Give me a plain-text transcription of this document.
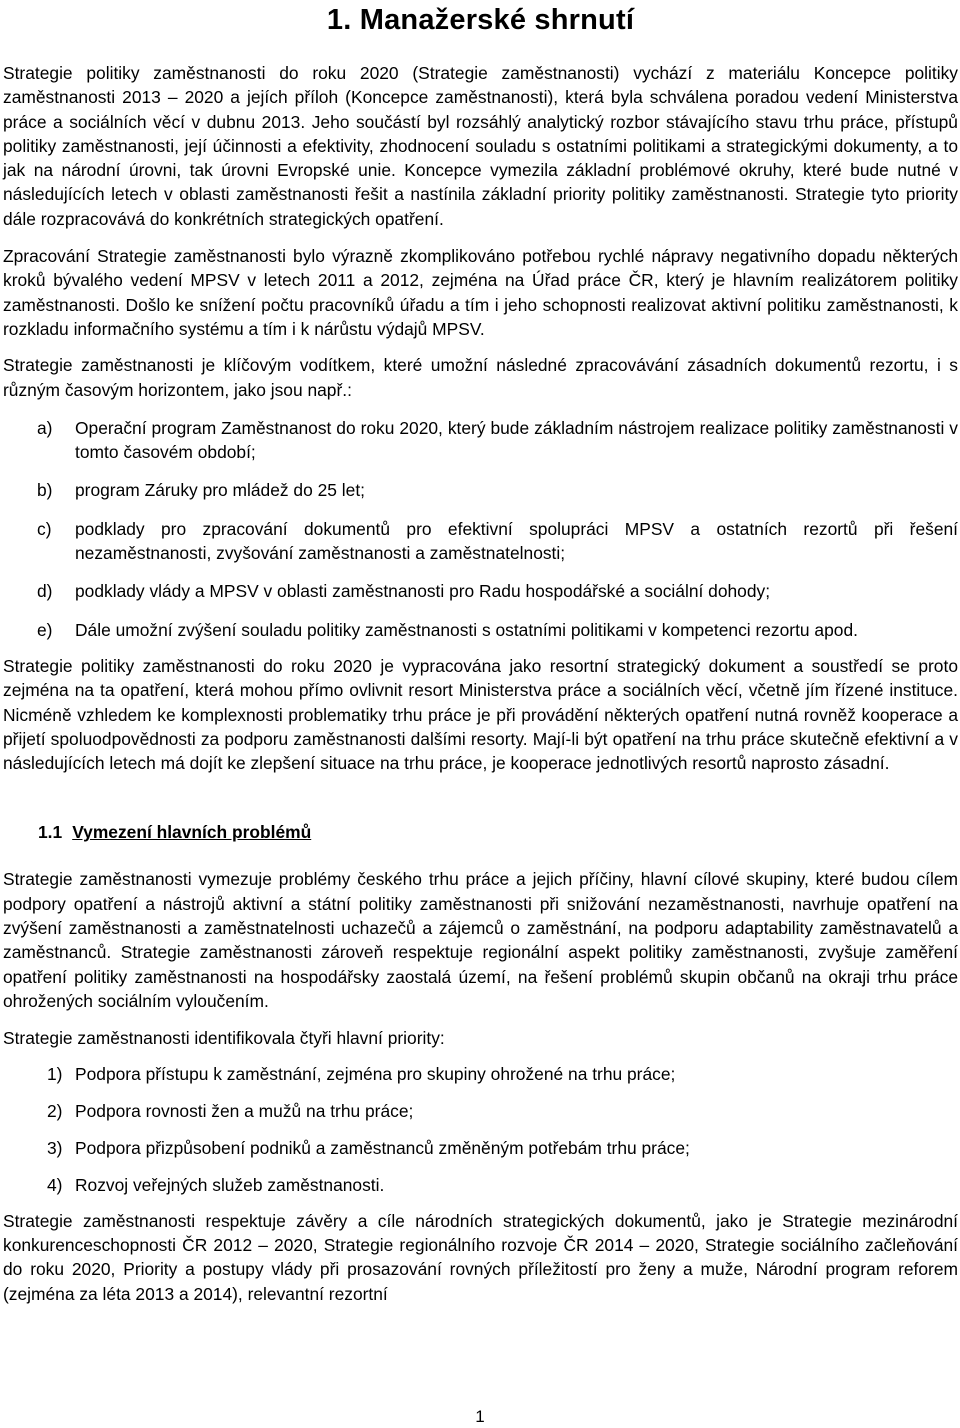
1. Manažerské shrnutí

Strategie politiky zaměstnanosti do roku 2020 (Strategie zaměstnanosti) vychází z materiálu Koncepce politiky zaměstnanosti 2013 – 2020 a jejích příloh (Koncepce zaměstnanosti), která byla schválena poradou vedení Ministerstva práce a sociálních věcí v dubnu 2013. Jeho součástí byl rozsáhlý analytický rozbor stávajícího stavu trhu práce, přístupů politiky zaměstnanosti, její účinnosti a efektivity, zhodnocení souladu s ostatními politikami a strategickými dokumenty, a to jak na národní úrovni, tak úrovni Evropské unie. Koncepce vymezila základní problémové okruhy, které bude nutné v následujících letech v oblasti zaměstnanosti řešit a nastínila základní priority politiky zaměstnanosti. Strategie tyto priority dále rozpracovává do konkrétních strategických opatření.

Zpracování Strategie zaměstnanosti bylo výrazně zkomplikováno potřebou rychlé nápravy negativního dopadu některých kroků bývalého vedení MPSV v letech 2011 a 2012, zejména na Úřad práce ČR, který je hlavním realizátorem politiky zaměstnanosti. Došlo ke snížení počtu pracovníků úřadu a tím i jeho schopnosti realizovat aktivní politiku zaměstnanosti, k rozkladu informačního systému a tím i k nárůstu výdajů MPSV.

Strategie zaměstnanosti je klíčovým vodítkem, které umožní následné zpracovávání zásadních dokumentů rezortu, i s různým časovým horizontem, jako jsou např.:

a) Operační program Zaměstnanost do roku 2020, který bude základním nástrojem realizace politiky zaměstnanosti v tomto časovém období;
b) program Záruky pro mládež do 25 let;
c) podklady pro zpracování dokumentů pro efektivní spolupráci MPSV a ostatních rezortů při řešení nezaměstnanosti, zvyšování zaměstnanosti a zaměstnatelnosti;
d) podklady vlády a MPSV v oblasti zaměstnanosti pro Radu hospodářské a sociální dohody;
e) Dále umožní zvýšení souladu politiky zaměstnanosti s ostatními politikami v kompetenci rezortu apod.

Strategie politiky zaměstnanosti do roku 2020 je vypracována jako resortní strategický dokument a soustředí se proto zejména na ta opatření, která mohou přímo ovlivnit resort Ministerstva práce a sociálních věcí, včetně jím řízené instituce. Nicméně vzhledem ke komplexnosti problematiky trhu práce je při provádění některých opatření nutná rovněž kooperace a přijetí spoluodpovědnosti za podporu zaměstnanosti dalšími resorty. Mají-li být opatření na trhu práce skutečně efektivní a v následujících letech má dojít ke zlepšení situace na trhu práce, je kooperace jednotlivých resortů naprosto zásadní.

1.1 Vymezení hlavních problémů

Strategie zaměstnanosti vymezuje problémy českého trhu práce a jejich příčiny, hlavní cílové skupiny, které budou cílem podpory opatření a nástrojů aktivní a státní politiky zaměstnanosti při snižování nezaměstnanosti, navrhuje opatření na zvýšení zaměstnanosti a zaměstnatelnosti uchazečů a zájemců o zaměstnání, na podporu adaptability zaměstnavatelů a zaměstnanců. Strategie zaměstnanosti zároveň respektuje regionální aspekt politiky zaměstnanosti, zvyšuje zaměření opatření politiky zaměstnanosti na hospodářsky zaostalá území, na řešení problémů skupin občanů na okraji trhu práce ohrožených sociálním vyloučením.

Strategie zaměstnanosti identifikovala čtyři hlavní priority:

1) Podpora přístupu k zaměstnání, zejména pro skupiny ohrožené na trhu práce;
2) Podpora rovnosti žen a mužů na trhu práce;
3) Podpora přizpůsobení podniků a zaměstnanců změněným potřebám trhu práce;
4) Rozvoj veřejných služeb zaměstnanosti.

Strategie zaměstnanosti respektuje závěry a cíle národních strategických dokumentů, jako je Strategie mezinárodní konkurenceschopnosti ČR 2012 – 2020, Strategie regionálního rozvoje ČR 2014 – 2020, Strategie sociálního začleňování do roku 2020, Priority a postupy vlády při prosazování rovných příležitostí pro ženy a muže, Národní program reforem (zejména za léta 2013 a 2014), relevantní rezortní

1
